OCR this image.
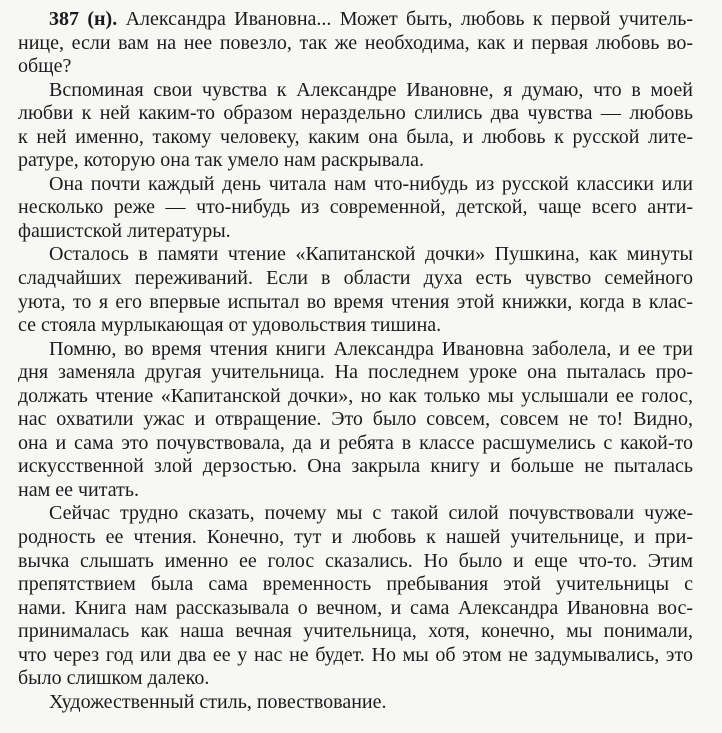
387 (н). Александра Ивановна... Может быть, любовь к первой учитель-
нице, если вам на нее повезло, так же необходима, как и первая любовь во-
обще?

Вспоминая свои чувства к Александре Ивановне, я думаю, что в моей
любви к ней каким-то образом нераздельно слились два чувства — любовь
к ней именно, такому человеку, каким она была, и любовь к русской лите-
ратуре, которую она так умело нам раскрывала.

Она почти каждый день читала нам что-нибудь из русской классики или
несколько реже — что-нибудь из современной, детской, чаще всего анти-
фашистской литературы.

Осталось в памяти чтение «Капитанской дочки» Пушкина, как минуты
сладчайших переживаний. Если в области духа есть чувство семейного
уюта, то я его впервые испытал во время чтения этой книжки, когда в клас-
се стояла мурлыкающая от удовольствия тишина.

Помню, во время чтения книги Александра Ивановна заболела, и ее три
дня заменяла другая учительница. На последнем уроке она пыталась про-
должать чтение «Капитанской дочки», но как только мы услышали ее голос,
нас охватили ужас и отвращение. Это было совсем, совсем не то! Видно,
она и сама это почувствовала, да и ребята в классе расшумелись с какой-то
искусственной злой дерзостью. Она закрыла книгу и больше не пыталась
нам ее читать.

Сейчас трудно сказать, почему мы с такой силой почувствовали чуже-
родность ее чтения. Конечно, тут и любовь к нашей учительнице, и при-
вычка слышать именно ее голос сказались. Но было и еще что-то. Этим
препятствием была сама временность пребывания этой учительницы с
нами. Книга нам рассказывала о вечном, и сама Александра Ивановна вос-
принималась как наша вечная учительница, хотя, конечно, мы понимали,
что через год или два ее у нас не будет. Но мы об этом не задумывались, это
было слишком далеко.

Художественный стиль, повествование.
